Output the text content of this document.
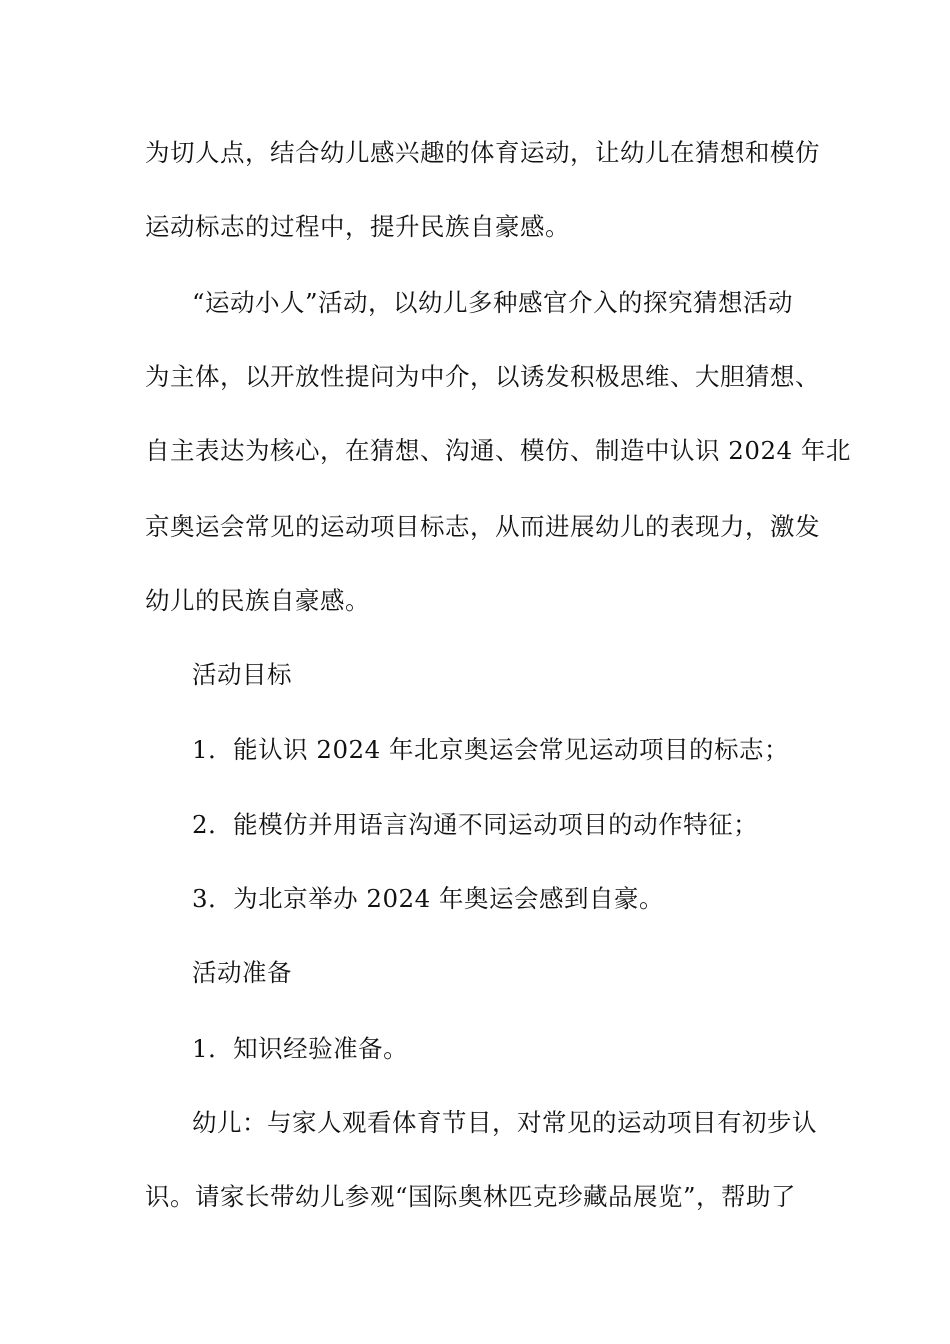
为切人点，结合幼儿感兴趣的体育运动，让幼儿在猜想和模仿
运动标志的过程中，提升民族自豪感。
“运动小人”活动，以幼儿多种感官介入的探究猜想活动
为主体，以开放性提问为中介，以诱发积极思维、大胆猜想、
自主表达为核心，在猜想、沟通、模仿、制造中认识 2024 年北
京奥运会常见的运动项目标志，从而进展幼儿的表现力，激发
幼儿的民族自豪感。
活动目标
1．能认识 2024 年北京奥运会常见运动项目的标志；
2．能模仿并用语言沟通不同运动项目的动作特征；
3．为北京举办 2024 年奥运会感到自豪。
活动准备
1．知识经验准备。
幼儿：与家人观看体育节目，对常见的运动项目有初步认
识。请家长带幼儿参观“国际奥林匹克珍藏品展览”，帮助了
